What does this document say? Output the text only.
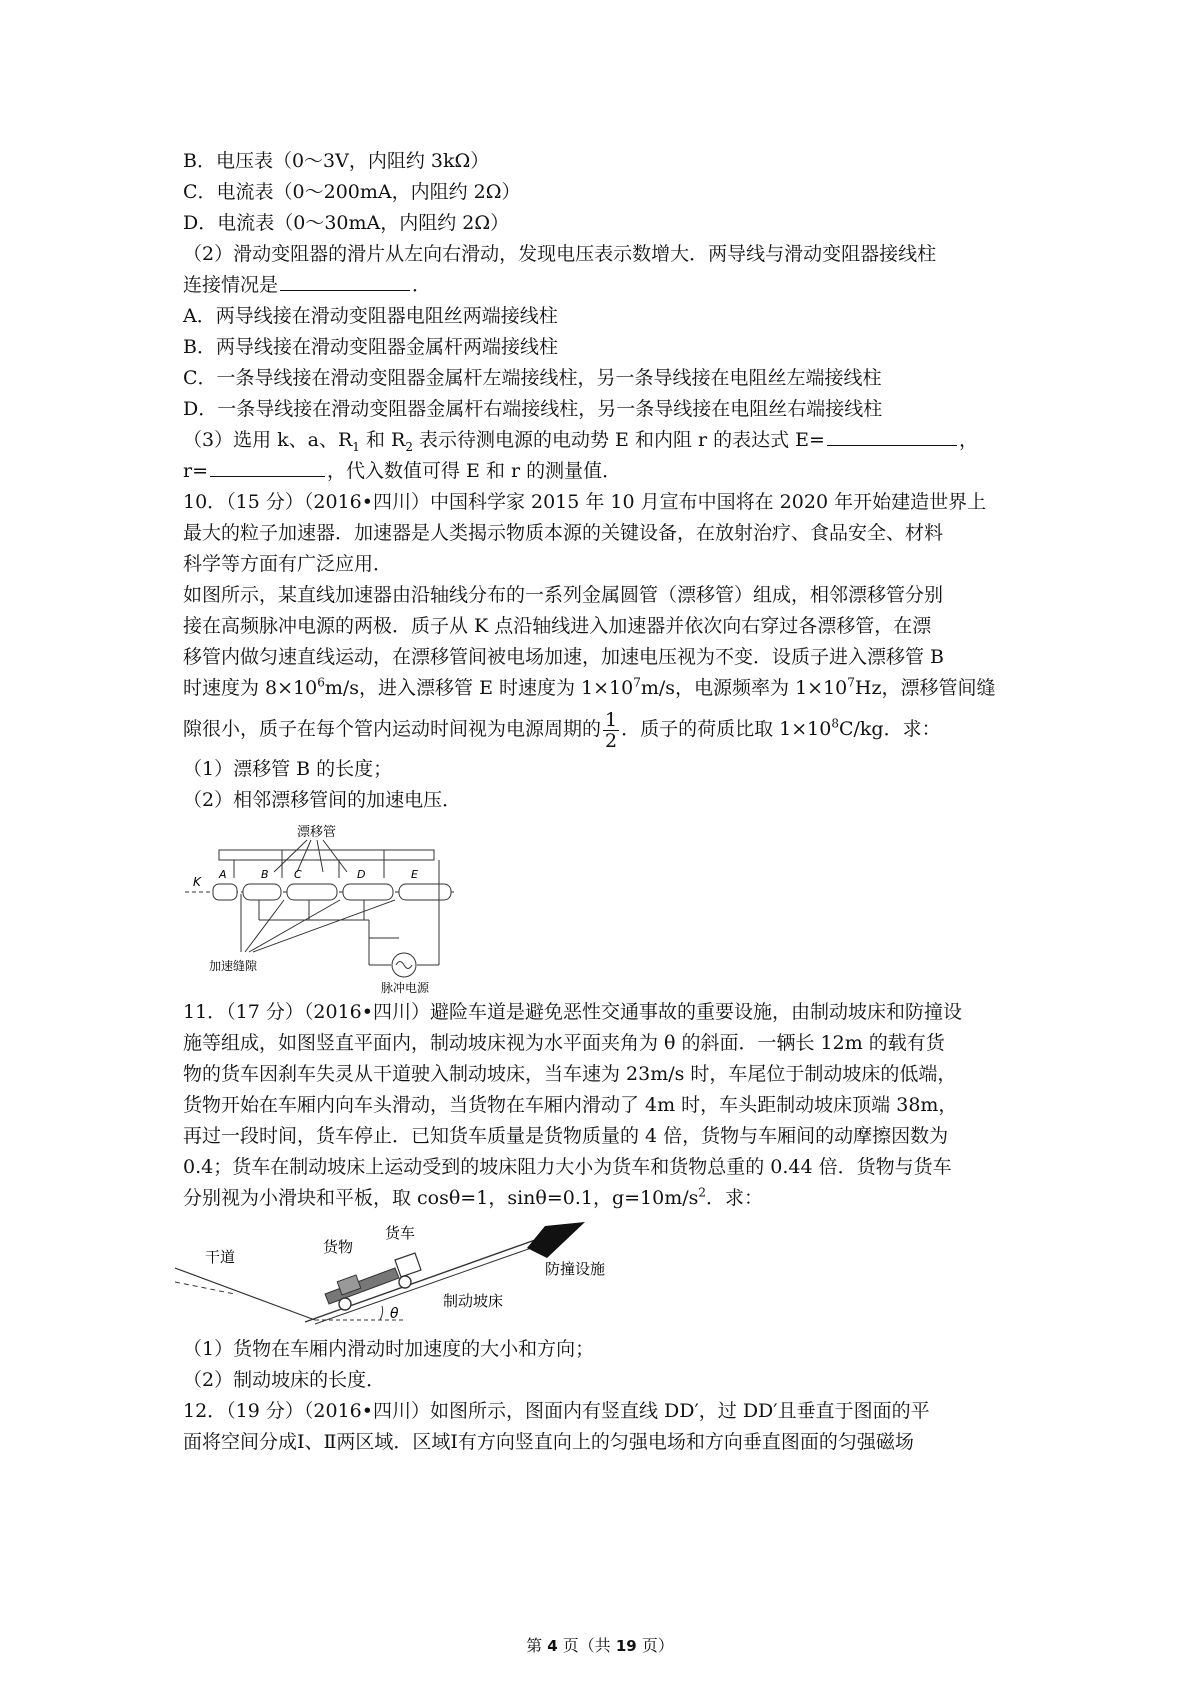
B．电压表（0～3V，内阻约 3kΩ）
C．电流表（0～200mA，内阻约 2Ω）
D．电流表（0～30mA，内阻约 2Ω）
（2）滑动变阻器的滑片从左向右滑动，发现电压表示数增大．两导线与滑动变阻器接线柱
连接情况是	．
A．两导线接在滑动变阻器电阻丝两端接线柱
B．两导线接在滑动变阻器金属杆两端接线柱
C．一条导线接在滑动变阻器金属杆左端接线柱，另一条导线接在电阻丝左端接线柱
D．一条导线接在滑动变阻器金属杆右端接线柱，另一条导线接在电阻丝右端接线柱
（3）选用 k、a、$R_1$ 和 $R_2$ 表示待测电源的电动势 E 和内阻 r 的表达式 E=	，
r=	，代入数值可得 E 和 r 的测量值．
10．（15 分）（2016•四川）中国科学家 2015 年 10 月宣布中国将在 2020 年开始建造世界上
最大的粒子加速器．加速器是人类揭示物质本源的关键设备，在放射治疗、食品安全、材料
科学等方面有广泛应用．
如图所示，某直线加速器由沿轴线分布的一系列金属圆管（漂移管）组成，相邻漂移管分别
接在高频脉冲电源的两极．质子从 K 点沿轴线进入加速器并依次向右穿过各漂移管，在漂
移管内做匀速直线运动，在漂移管间被电场加速，加速电压视为不变．设质子进入漂移管 B
时速度为 $8\times 10^6m/s$，进入漂移管 E 时速度为 $1\times 10^7m/s$，电源频率为 $1\times 10^7Hz$，漂移管间缝
隙很小，质子在每个管内运动时间视为电源周期的 $\frac{1}{2}$ ．质子的荷质比取 $1\times 10^8C/kg$．求：
（1）漂移管 B 的长度；
（2）相邻漂移管间的加速电压．
漂移管
K
A	B C	D	E
加速缝隙
脉冲电源
11．（17 分）（2016•四川）避险车道是避免恶性交通事故的重要设施，由制动坡床和防撞设
施等组成，如图竖直平面内，制动坡床视为水平面夹角为 θ 的斜面．一辆长 12m 的载有货
物的货车因刹车失灵从干道驶入制动坡床，当车速为 23m/s 时，车尾位于制动坡床的低端，
货物开始在车厢内向车头滑动，当货物在车厢内滑动了 4m 时，车头距制动坡床顶端 38m，
再过一段时间，货车停止．已知货车质量是货物质量的 4 倍，货物与车厢间的动摩擦因数为
0.4；货车在制动坡床上运动受到的坡床阻力大小为货车和货物总重的 0.44 倍．货物与货车
分别视为小滑块和平板，取 cosθ=1，sinθ=0.1，$g=10m/s^2$．求：
θ
干道
货物
货车
制动坡床
防撞设施
（1）货物在车厢内滑动时加速度的大小和方向；
（2）制动坡床的长度．
12．（19 分）（2016•四川）如图所示，图面内有竖直线 DD′，过 DD′且垂直于图面的平
面将空间分成Ⅰ、Ⅱ两区域．区域Ⅰ有方向竖直向上的匀强电场和方向垂直图面的匀强磁场
第 4 页（共 19 页）
